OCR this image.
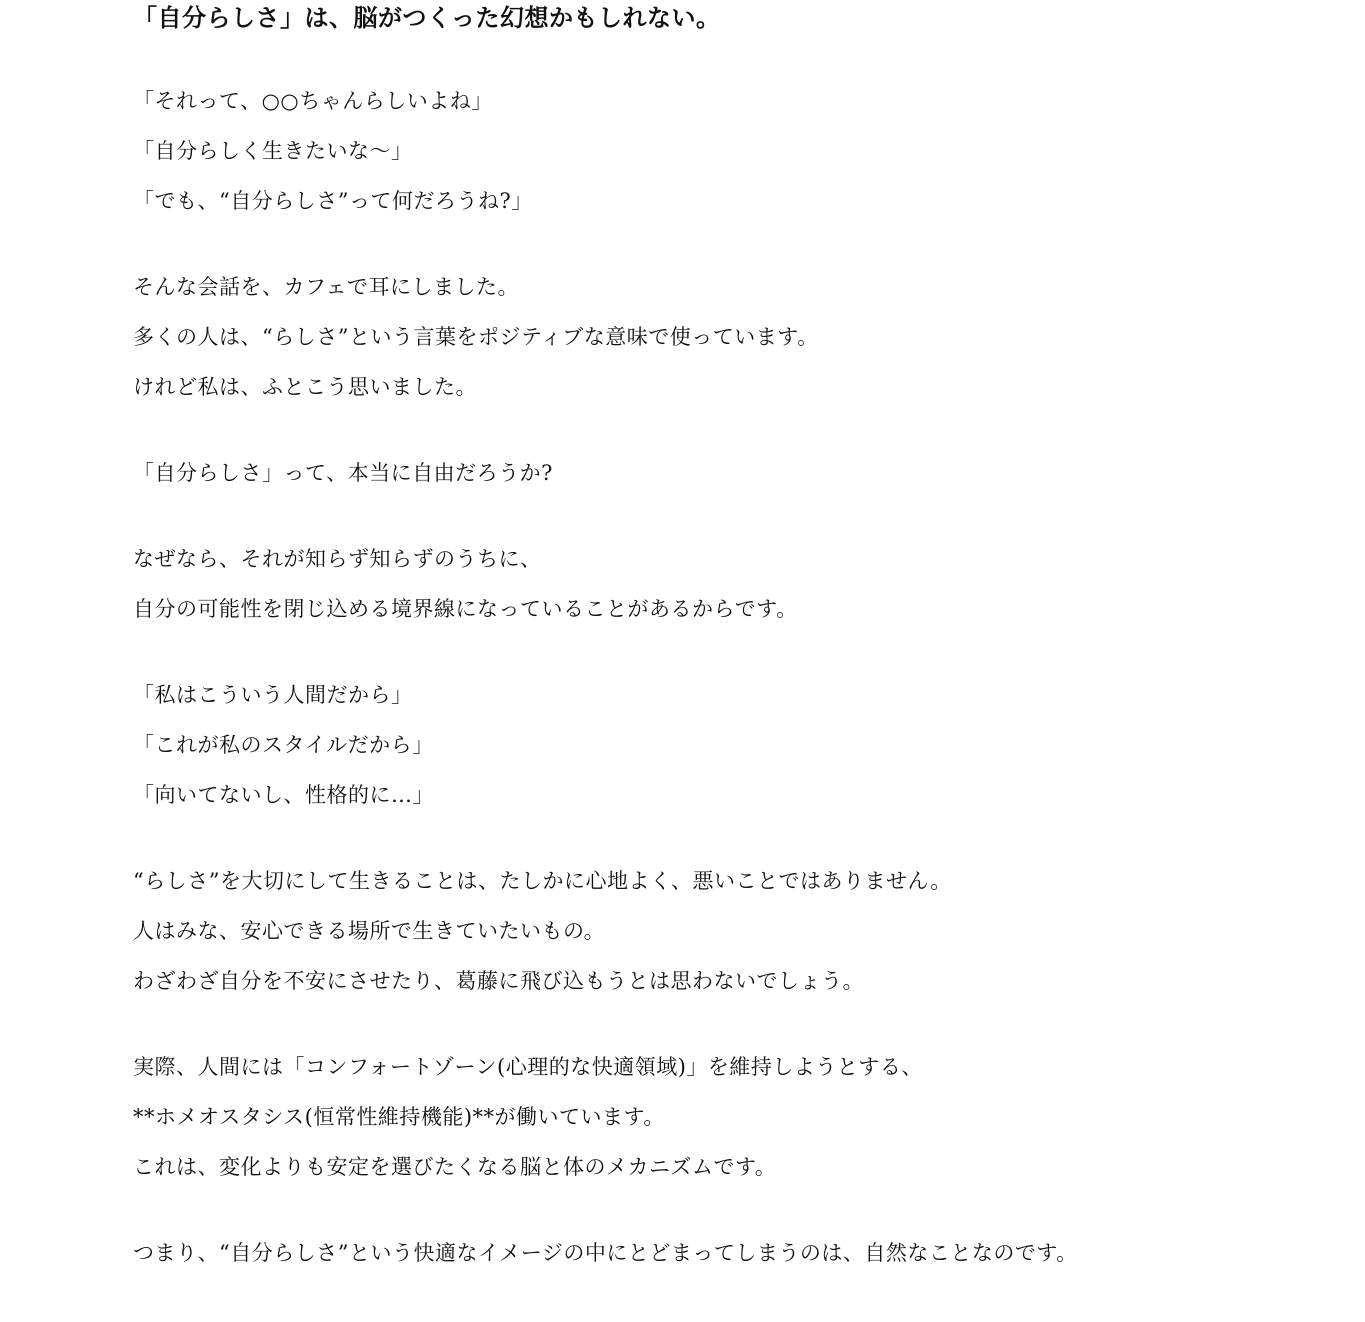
「自分らしさ」は、脳がつくった幻想かもしれない。
「それって、○○ちゃんらしいよね」
「自分らしく生きたいな〜」
「でも、“自分らしさ”って何だろうね?」
そんな会話を、カフェで耳にしました。
多くの人は、“らしさ”という言葉をポジティブな意味で使っています。
けれど私は、ふとこう思いました。
「自分らしさ」って、本当に自由だろうか?
なぜなら、それが知らず知らずのうちに、
自分の可能性を閉じ込める境界線になっていることがあるからです。
「私はこういう人間だから」
「これが私のスタイルだから」
「向いてないし、性格的に…」
“らしさ”を大切にして生きることは、たしかに心地よく、悪いことではありません。
人はみな、安心できる場所で生きていたいもの。
わざわざ自分を不安にさせたり、葛藤に飛び込もうとは思わないでしょう。
実際、人間には「コンフォートゾーン(心理的な快適領域)」を維持しようとする、
**ホメオスタシス(恒常性維持機能)**が働いています。
これは、変化よりも安定を選びたくなる脳と体のメカニズムです。
つまり、“自分らしさ”という快適なイメージの中にとどまってしまうのは、自然なことなのです。
